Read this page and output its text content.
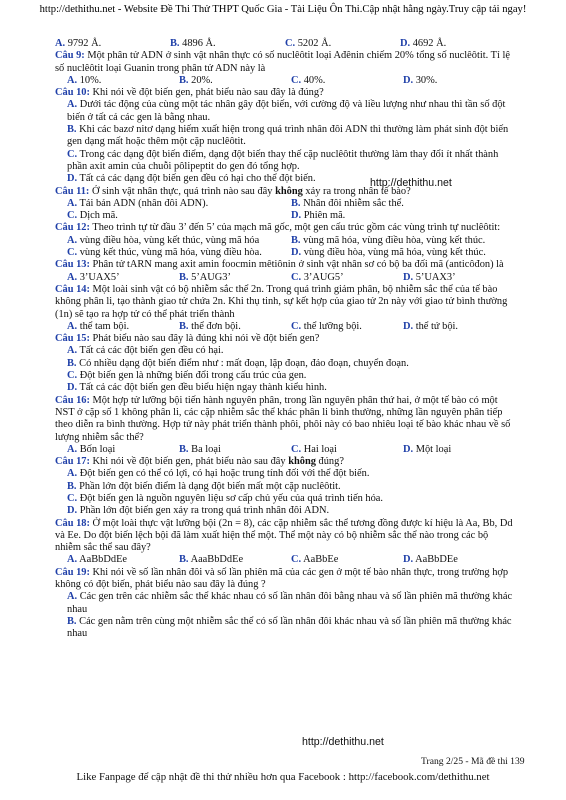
http://dethithu.net - Website Đề Thi Thử THPT Quốc Gia - Tài Liệu Ôn Thi.Cập nhật hằng ngày.Truy cập tải ngay!
A. 9792 Å.	B. 4896 Å.	C. 5202 Å.	D. 4692 Å.

Câu 9: Một phân tử ADN ở sinh vật nhân thực có số nuclêôtit loại Ađênin chiếm 20% tổng số nuclêôtit. Tỉ lệ số nuclêôtit loại Guanin trong phân tử ADN này là

A. 10%.	B. 20%.	C. 40%.	D. 30%.

Câu 10: Khi nói về đột biến gen, phát biểu nào sau đây là đúng?

A. Dưới tác động của cùng một tác nhân gây đột biến, với cường độ và liều lượng như nhau thì tần số đột biến ở tất cả các gen là bằng nhau.

B. Khi các bazơ nitơ dạng hiếm xuất hiện trong quá trình nhân đôi ADN thì thường làm phát sinh đột biến gen dạng mất hoặc thêm một cặp nuclêôtit.

C. Trong các dạng đột biến điểm, dạng đột biến thay thế cặp nuclêôtit thường làm thay đổi ít nhất thành phần axit amin của chuỗi pôlipeptit do gen đó tổng hợp.

D. Tất cả các dạng đột biến gen đều có hại cho thể đột biến.

Câu 11: Ở sinh vật nhân thực, quá trình nào sau đây không xảy ra trong nhân tế bào?

A. Tái bản ADN (nhân đôi ADN).	B. Nhân đôi nhiễm sắc thể.
C. Dịch mã.	D. Phiên mã.

Câu 12: Theo trình tự từ đầu 3’ đến 5’ của mạch mã gốc, một gen cấu trúc gồm các vùng trình tự nuclêôtit:

A. vùng điều hòa, vùng kết thúc, vùng mã hóa	B. vùng mã hóa, vùng điều hòa, vùng kết thúc.
C. vùng kết thúc, vùng mã hóa, vùng điều hòa.	D. vùng điều hòa, vùng mã hóa, vùng kết thúc.

Câu 13: Phân tử tARN mang axit amin foocmin mêtiônin ở sinh vật nhân sơ có bộ ba đối mã (anticôđon) là

A. 3’UAX5’	B. 5’AUG3’	C. 3’AUG5’	D. 5’UAX3’

Câu 14: Một loài sinh vật có bộ nhiễm sắc thể 2n. Trong quá trình giảm phân, bộ nhiễm sắc thể của tế bào không phân li, tạo thành giao tử chứa 2n. Khi thụ tinh, sự kết hợp của giao tử 2n này với giao tử bình thường (1n) sẽ tạo ra hợp tử có thể phát triển thành

A. thể tam bội.	B. thể đơn bội.	C. thể lưỡng bội.	D. thể tứ bội.

Câu 15: Phát biểu nào sau đây là đúng khi nói về đột biến gen?

A. Tất cả các đột biến gen đều có hại.

B. Có nhiều dạng đột biến điểm như : mất đoạn, lặp đoạn, đảo đoạn, chuyển đoạn.

C. Đột biến gen là những biến đổi trong cấu trúc của gen.

D. Tất cả các đột biến gen đều biểu hiện ngay thành kiểu hình.

Câu 16: Một hợp tử lưỡng bội tiến hành nguyên phân, trong lần nguyên phân thứ hai, ở một tế bào có một NST ở cặp số 1 không phân li, các cặp nhiễm sắc thể khác phân li bình thường, những lần nguyên phân tiếp theo diễn ra bình thường. Hợp tử này phát triển thành phôi, phôi này có bao nhiêu loại tế bào khác nhau về số lượng nhiễm sắc thể?

A. Bốn loại	B. Ba loại	C. Hai loại	D. Một loại

Câu 17: Khi nói về đột biến gen, phát biểu nào sau đây không đúng?

A. Đột biến gen có thể có lợi, có hại hoặc trung tính đối với thể đột biến.

B. Phần lớn đột biến điểm là dạng đột biến mất một cặp nuclêôtit.

C. Đột biến gen là nguồn nguyên liệu sơ cấp chủ yếu của quá trình tiến hóa.

D. Phần lớn đột biến gen xảy ra trong quá trình nhân đôi ADN.

Câu 18: Ở một loài thực vật lưỡng bội (2n = 8), các cặp nhiễm sắc thể tương đồng được kí hiệu là Aa, Bb, Dd và Ee. Do đột biến lệch bội đã làm xuất hiện thể một. Thể một này có bộ nhiễm sắc thể nào trong các bộ nhiễm sắc thể sau đây?

A. AaBbDdEe	B. AaaBbDdEe	C. AaBbEe	D. AaBbDEe

Câu 19: Khi nói về số lần nhân đôi và số lần phiên mã của các gen ở một tế bào nhân thực, trong trường hợp không có đột biến, phát biểu nào sau đây là đúng ?

A. Các gen trên các nhiễm sắc thể khác nhau có số lần nhân đôi bằng nhau và số lần phiên mã thường khác nhau

B. Các gen nằm trên cùng một nhiễm sắc thể có số lần nhân đôi khác nhau và số lần phiên mã thường khác nhau

http://dethithu.net
http://dethithu.net
Trang 2/25 - Mã đề thi 139
Like Fanpage để cập nhật đề thi thử nhiều hơn qua Facebook : http://facebook.com/dethithu.net
